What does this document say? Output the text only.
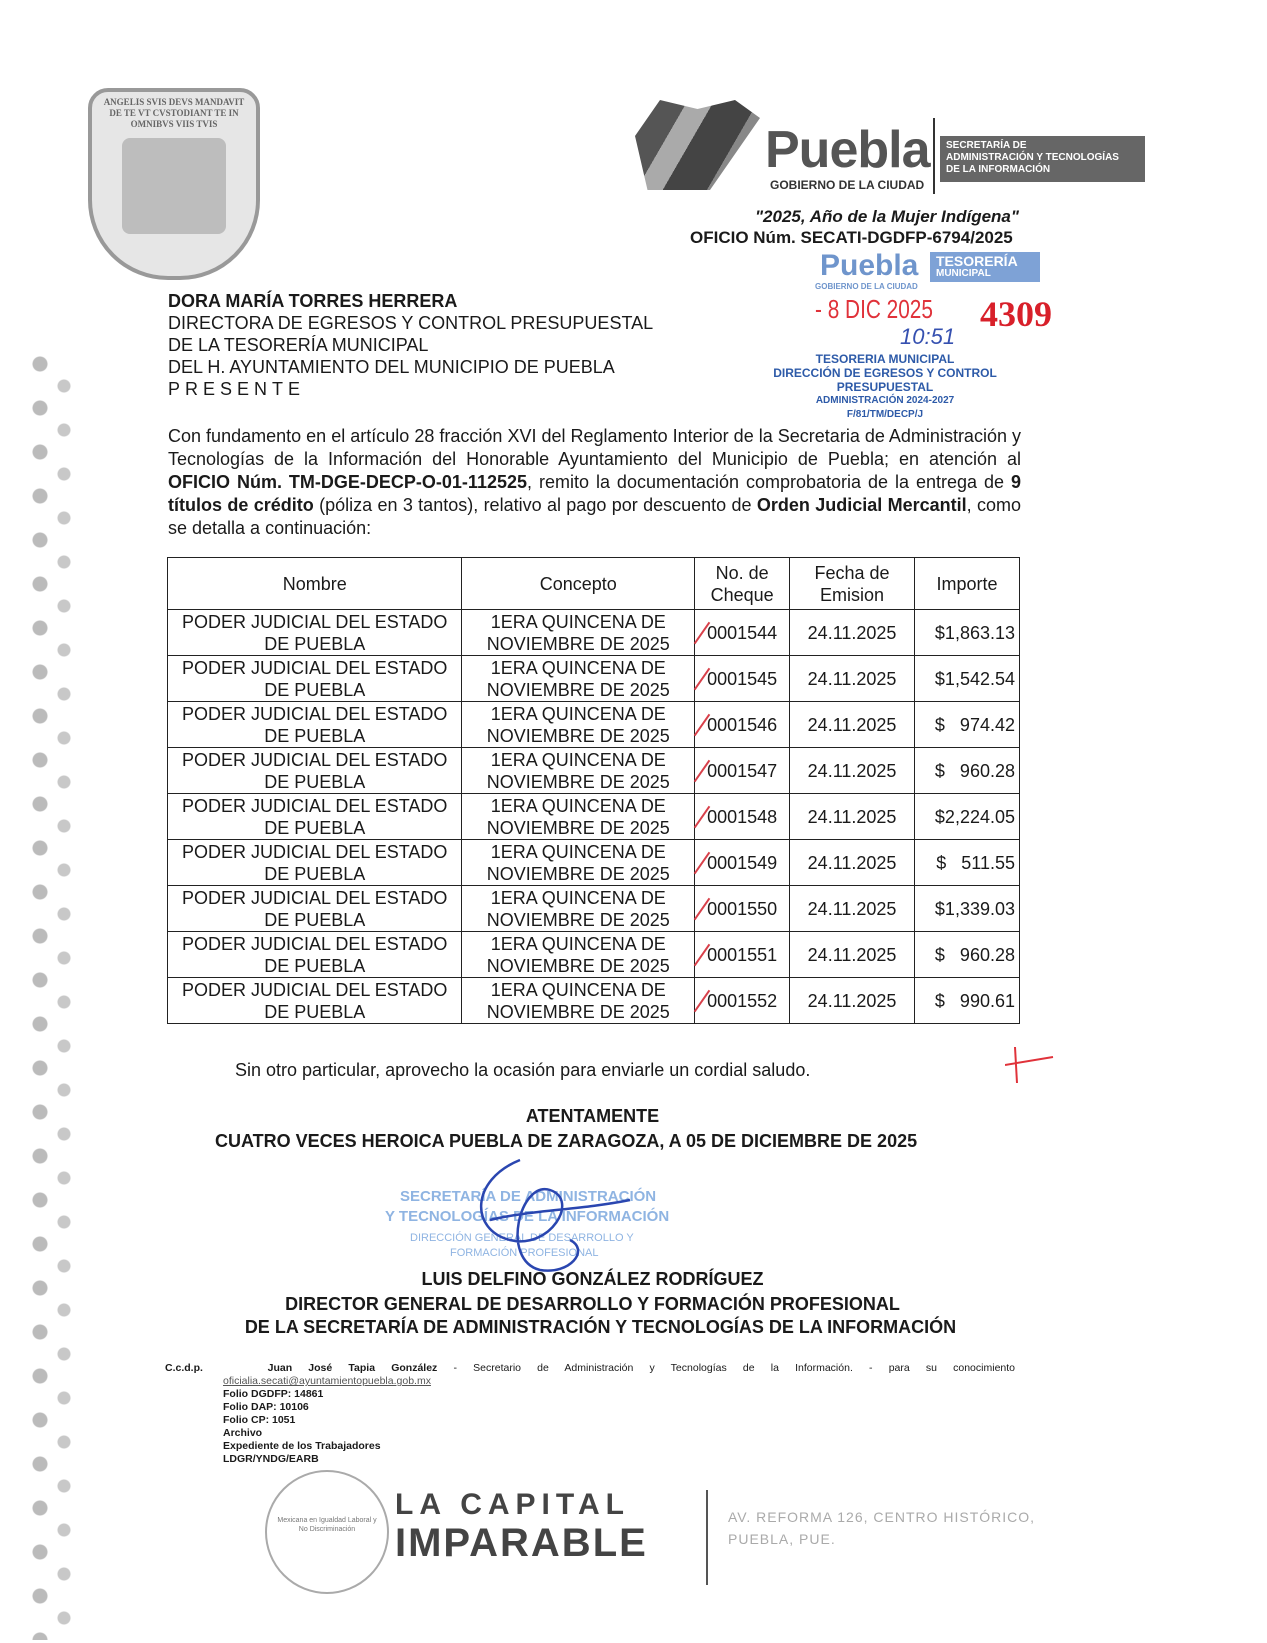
ANGELIS SVIS DEVS MANDAVIT DE TE VT CVSTODIANT TE IN OMNIBVS VIIS TVIS	Puebla
GOBIERNO DE LA CIUDAD
SECRETARÍA DE
ADMINISTRACIÓN Y TECNOLOGÍAS
DE LA INFORMACIÓN
"2025, Año de la Mujer Indígena"
OFICIO Núm. SECATI-DGDFP-6794/2025
Puebla TESORERÍA
MUNICIPAL
GOBIERNO DE LA CIUDAD
DORA MARÍA TORRES HERRERA
DIRECTORA DE EGRESOS Y CONTROL PRESUPUESTAL
DE LA TESORERÍA MUNICIPAL
DEL H. AYUNTAMIENTO DEL MUNICIPIO DE PUEBLA
PRESENTE
- 8 DIC 2025 4309
10:51
TESORERIA MUNICIPAL
DIRECCIÓN DE EGRESOS Y CONTROL
PRESUPUESTAL
ADMINISTRACIÓN 2024-2027
F/81/TM/DECP/J
Con fundamento en el artículo 28 fracción XVI del Reglamento Interior de la Secretaria de Administración y Tecnologías de la Información del Honorable Ayuntamiento del Municipio de Puebla; en atención al OFICIO Núm. TM-DGE-DECP-O-01-112525, remito la documentación comprobatoria de la entrega de 9 títulos de crédito (póliza en 3 tantos), relativo al pago por descuento de Orden Judicial Mercantil, como se detalla a continuación:
Nombre	Concepto	No. de Cheque	Fecha de Emision	Importe
PODER JUDICIAL DEL ESTADO DE PUEBLA	1ERA QUINCENA DE NOVIEMBRE DE 2025	0001544	24.11.2025	$1,863.13
PODER JUDICIAL DEL ESTADO DE PUEBLA	1ERA QUINCENA DE NOVIEMBRE DE 2025	0001545	24.11.2025	$1,542.54
PODER JUDICIAL DEL ESTADO DE PUEBLA	1ERA QUINCENA DE NOVIEMBRE DE 2025	0001546	24.11.2025	$   974.42
PODER JUDICIAL DEL ESTADO DE PUEBLA	1ERA QUINCENA DE NOVIEMBRE DE 2025	0001547	24.11.2025	$   960.28
PODER JUDICIAL DEL ESTADO DE PUEBLA	1ERA QUINCENA DE NOVIEMBRE DE 2025	0001548	24.11.2025	$2,224.05
PODER JUDICIAL DEL ESTADO DE PUEBLA	1ERA QUINCENA DE NOVIEMBRE DE 2025	0001549	24.11.2025	$   511.55
PODER JUDICIAL DEL ESTADO DE PUEBLA	1ERA QUINCENA DE NOVIEMBRE DE 2025	0001550	24.11.2025	$1,339.03
PODER JUDICIAL DEL ESTADO DE PUEBLA	1ERA QUINCENA DE NOVIEMBRE DE 2025	0001551	24.11.2025	$   960.28
PODER JUDICIAL DEL ESTADO DE PUEBLA	1ERA QUINCENA DE NOVIEMBRE DE 2025	0001552	24.11.2025	$   990.61
Sin otro particular, aprovecho la ocasión para enviarle un cordial saludo.
SECRETARÍA DE ADMINISTRACIÓN
Y TECNOLOGÍAS DE LA INFORMACIÓN
DIRECCIÓN GENERAL DE DESARROLLO Y
FORMACIÓN PROFESIONAL
ATENTAMENTE
CUATRO VECES HEROICA PUEBLA DE ZARAGOZA, A 05 DE DICIEMBRE DE 2025
LUIS DELFINO GONZÁLEZ RODRÍGUEZ
DIRECTOR GENERAL DE DESARROLLO Y FORMACIÓN PROFESIONAL
DE LA SECRETARÍA DE ADMINISTRACIÓN Y TECNOLOGÍAS DE LA INFORMACIÓN
C.c.d.p.	Juan José Tapia González - Secretario de Administración y Tecnologías de la Información. - para su conocimiento
oficialia.secati@ayuntamientopuebla.gob.mx
Folio DGDFP: 14861
Folio DAP: 10106
Folio CP: 1051
Archivo
Expediente de los Trabajadores
LDGR/YNDG/EARB
Mexicana en Igualdad Laboral y No Discriminación
LA CAPITAL
IMPARABLE
AV. REFORMA 126, CENTRO HISTÓRICO,
PUEBLA, PUE.
